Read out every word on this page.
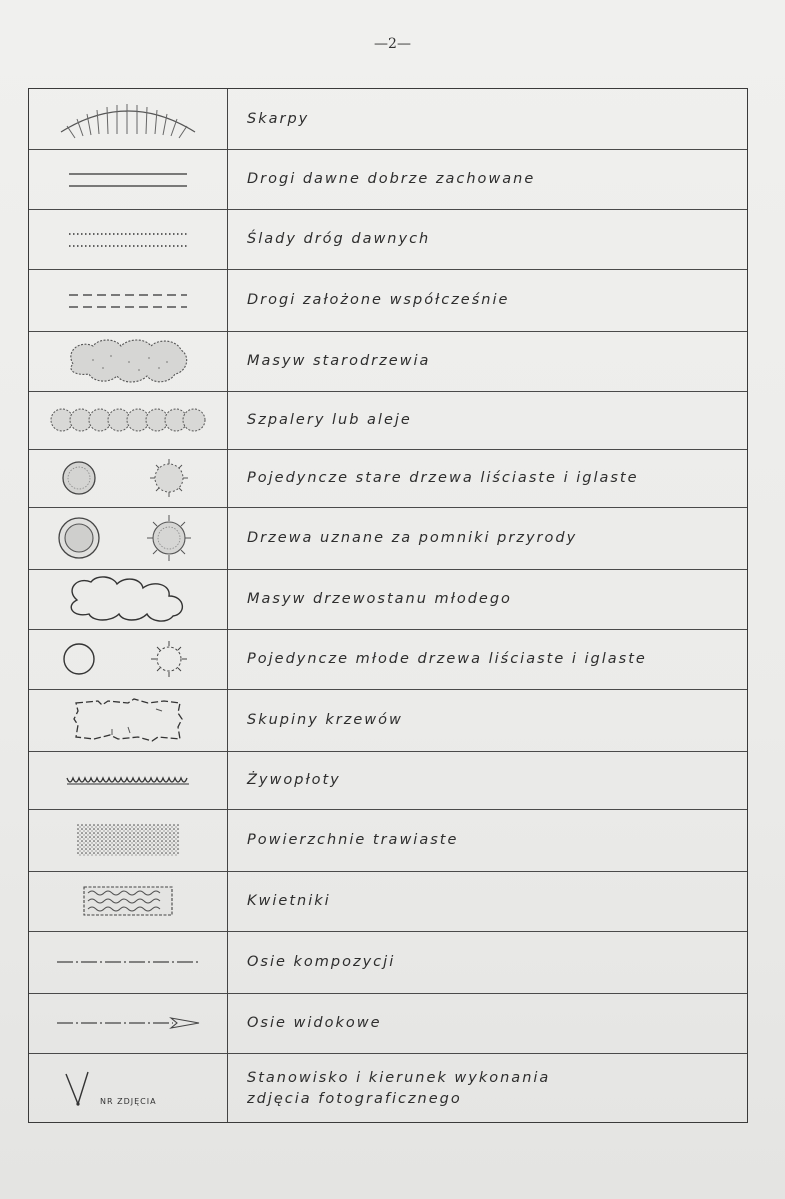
—2—
Skarpy
Drogi dawne dobrze zachowane
Ślady dróg dawnych
Drogi założone współcześnie
Masyw starodrzewia
Szpalery lub aleje
Pojedyncze stare drzewa liściaste i iglaste
Drzewa uznane za pomniki przyrody
Masyw drzewostanu młodego
Pojedyncze młode drzewa liściaste i iglaste
Skupiny krzewów
Żywopłoty
Powierzchnie trawiaste
Kwietniki
Osie kompozycji
Osie widokowe
NR ZDJĘCIA
Stanowisko i kierunek wykonania
zdjęcia fotograficznego
